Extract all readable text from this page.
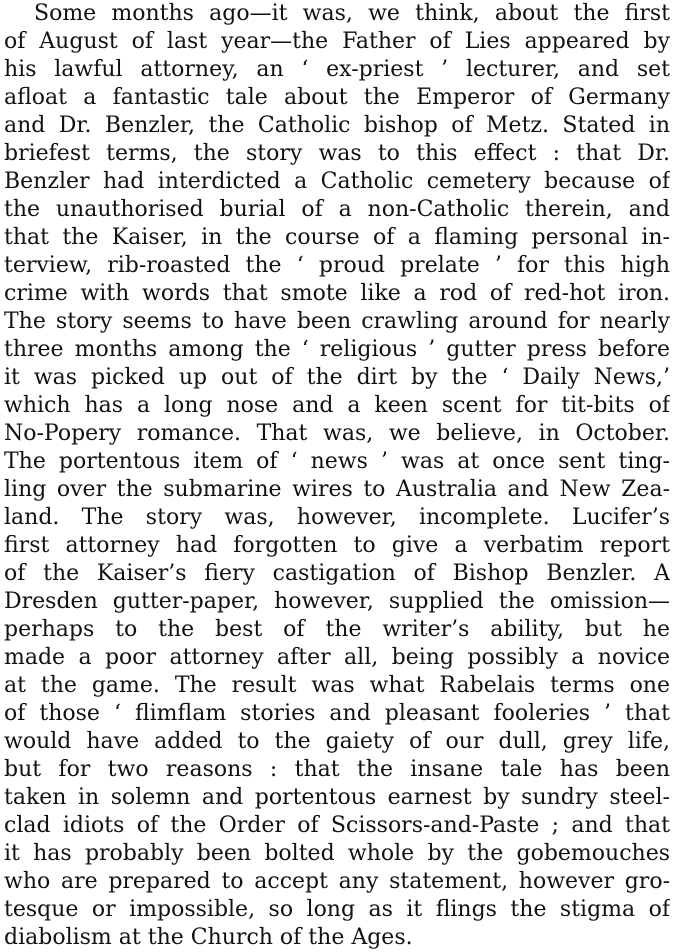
Some months ago—it was, we think, about the first
of August of last year—the Father of Lies appeared by
his lawful attorney, an ‘ ex-priest ’ lecturer, and set
afloat a fantastic tale about the Emperor of Germany
and Dr. Benzler, the Catholic bishop of Metz. Stated in
briefest terms, the story was to this effect : that Dr.
Benzler had interdicted a Catholic cemetery because of
the unauthorised burial of a non-Catholic therein, and
that the Kaiser, in the course of a flaming personal in-
terview, rib-roasted the ‘ proud prelate ’ for this high
crime with words that smote like a rod of red-hot iron.
The story seems to have been crawling around for nearly
three months among the ‘ religious ’ gutter press before
it was picked up out of the dirt by the ‘ Daily News,’
which has a long nose and a keen scent for tit-bits of
No-Popery romance. That was, we believe, in October.
The portentous item of ‘ news ’ was at once sent ting-
ling over the submarine wires to Australia and New Zea-
land. The story was, however, incomplete. Lucifer’s
first attorney had forgotten to give a verbatim report
of the Kaiser’s fiery castigation of Bishop Benzler. A
Dresden gutter-paper, however, supplied the omission—
perhaps to the best of the writer’s ability, but he
made a poor attorney after all, being possibly a novice
at the game. The result was what Rabelais terms one
of those ‘ flimflam stories and pleasant fooleries ’ that
would have added to the gaiety of our dull, grey life,
but for two reasons : that the insane tale has been
taken in solemn and portentous earnest by sundry steel-
clad idiots of the Order of Scissors-and-Paste ; and that
it has probably been bolted whole by the gobemouches
who are prepared to accept any statement, however gro-
tesque or impossible, so long as it flings the stigma of
diabolism at the Church of the Ages.
